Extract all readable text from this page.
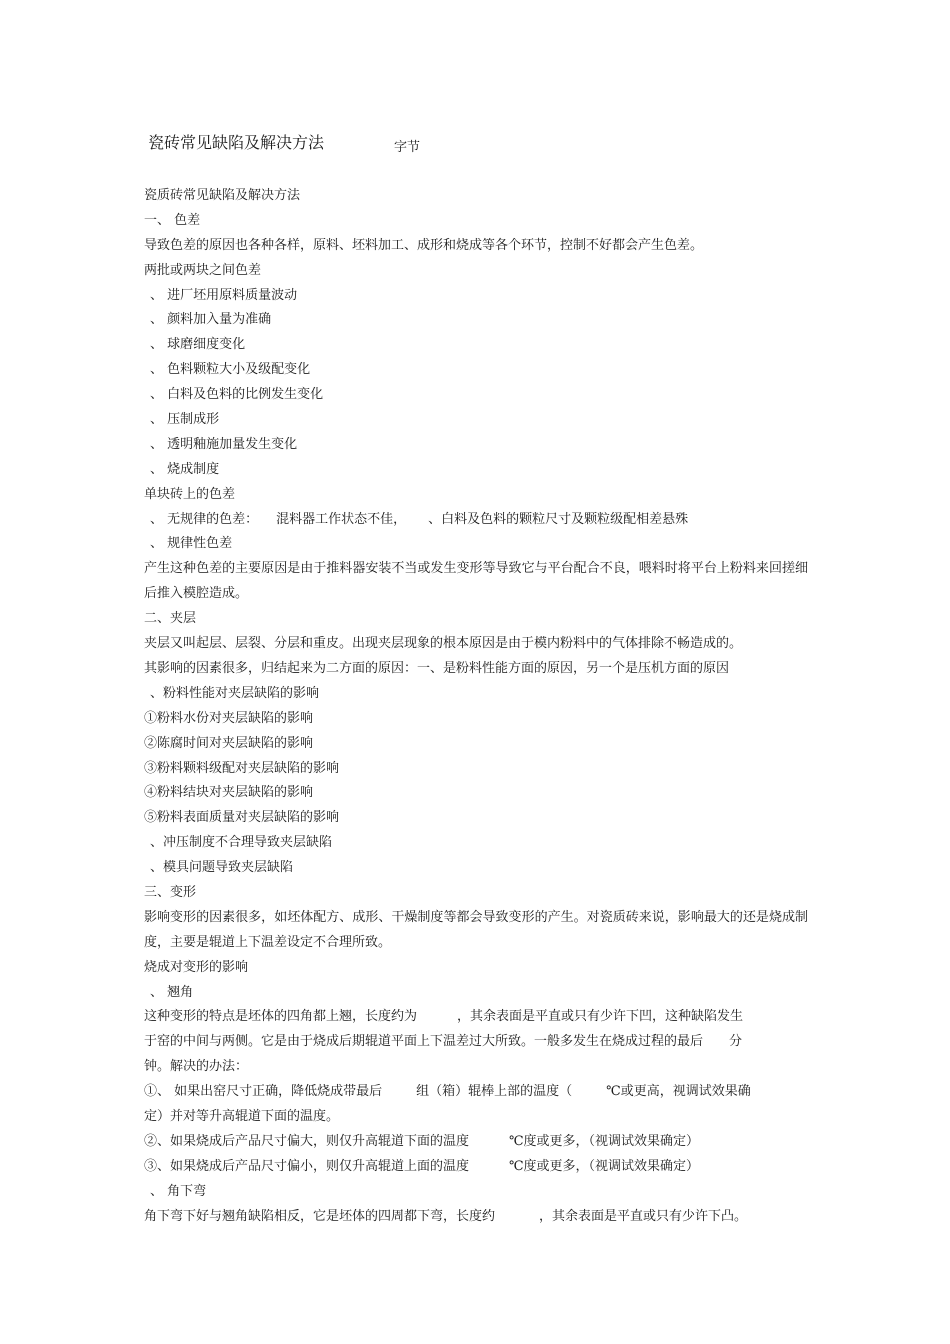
瓷砖常见缺陷及解决方法	字节
瓷质砖常见缺陷及解决方法
一、 色差
导致色差的原因也各种各样，原料、坯料加工、成形和烧成等各个环节，控制不好都会产生色差。
两批或两块之间色差
、 进厂坯用原料质量波动
、 颜料加入量为准确
、 球磨细度变化
、 色料颗粒大小及级配变化
、 白料及色料的比例发生变化
、 压制成形
、 透明釉施加量发生变化
、 烧成制度
单块砖上的色差
、 无规律的色差： 混料器工作状态不佳， 、白料及色料的颗粒尺寸及颗粒级配相差悬殊
、 规律性色差
产生这种色差的主要原因是由于推料器安装不当或发生变形等导致它与平台配合不良，喂料时将平台上粉料来回搓细后推入模腔造成。
二、夹层
夹层又叫起层、层裂、分层和重皮。出现夹层现象的根本原因是由于模内粉料中的气体排除不畅造成的。
其影响的因素很多，归结起来为二方面的原因：一、是粉料性能方面的原因，另一个是压机方面的原因
、粉料性能对夹层缺陷的影响
①粉料水份对夹层缺陷的影响
②陈腐时间对夹层缺陷的影响
③粉料颗料级配对夹层缺陷的影响
④粉料结块对夹层缺陷的影响
⑤粉料表面质量对夹层缺陷的影响
、冲压制度不合理导致夹层缺陷
、模具问题导致夹层缺陷
三、变形
影响变形的因素很多，如坯体配方、成形、干燥制度等都会导致变形的产生。对瓷质砖来说，影响最大的还是烧成制度，主要是辊道上下温差设定不合理所致。
烧成对变形的影响
、 翘角
这种变形的特点是坯体的四角都上翘，长度约为	，其余表面是平直或只有少许下凹，这种缺陷发生
于窑的中间与两侧。它是由于烧成后期辊道平面上下温差过大所致。一般多发生在烧成过程的最后 分
钟。解决的办法：
①、 如果出窑尺寸正确，降低烧成带最后	组（箱）辊棒上部的温度（	℃或更高，视调试效果确
定）并对等升高辊道下面的温度。
②、如果烧成后产品尺寸偏大，则仅升高辊道下面的温度	℃度或更多，（视调试效果确定）
③、如果烧成后产品尺寸偏小，则仅升高辊道上面的温度	℃度或更多，（视调试效果确定）
、 角下弯
角下弯下好与翘角缺陷相反，它是坯体的四周都下弯，长度约	，其余表面是平直或只有少许下凸。
